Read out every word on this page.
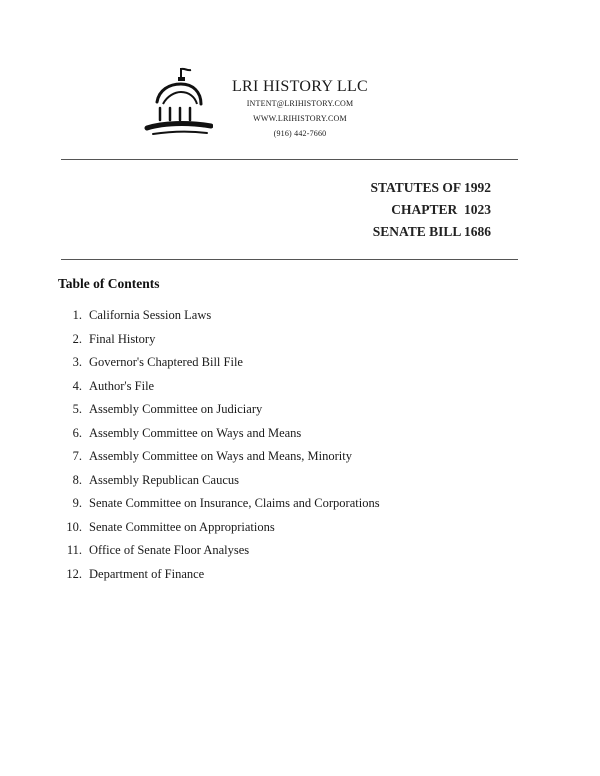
LRI HISTORY LLC
INTENT@LRIHISTORY.COM
WWW.LRIHISTORY.COM
(916) 442-7660
STATUTES OF 1992
CHAPTER  1023
SENATE BILL 1686
Table of Contents
1. California Session Laws
2. Final History
3. Governor's Chaptered Bill File
4. Author's File
5. Assembly Committee on Judiciary
6. Assembly Committee on Ways and Means
7. Assembly Committee on Ways and Means, Minority
8. Assembly Republican Caucus
9. Senate Committee on Insurance, Claims and Corporations
10. Senate Committee on Appropriations
11. Office of Senate Floor Analyses
12. Department of Finance
